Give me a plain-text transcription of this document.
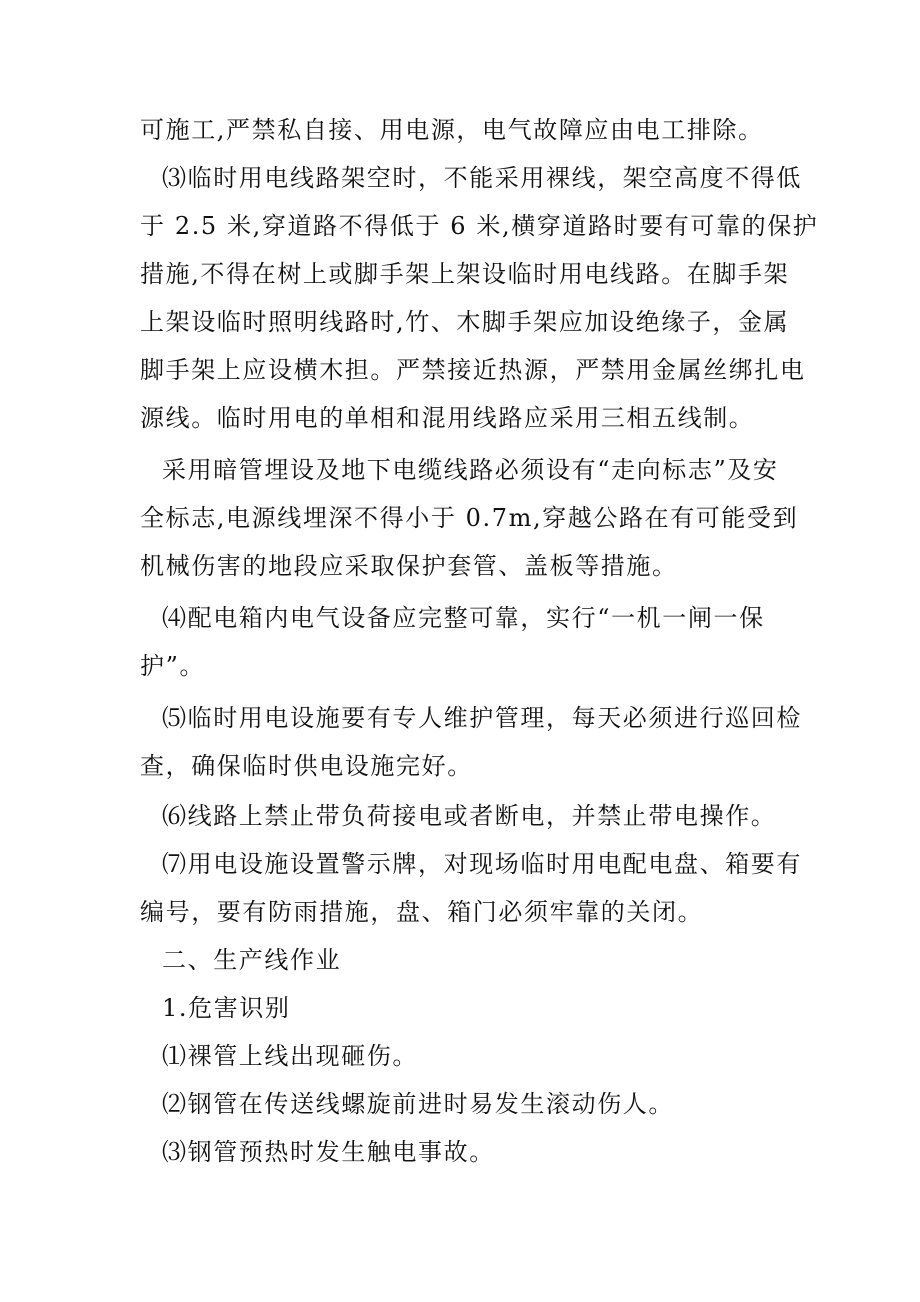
可施工,严禁私自接、用电源，电气故障应由电工排除。
⑶临时用电线路架空时，不能采用裸线，架空高度不得低
于 2.5 米,穿道路不得低于 6 米,横穿道路时要有可靠的保护
措施,不得在树上或脚手架上架设临时用电线路。在脚手架
上架设临时照明线路时,竹、木脚手架应加设绝缘子，金属
脚手架上应设横木担。严禁接近热源，严禁用金属丝绑扎电
源线。临时用电的单相和混用线路应采用三相五线制。
采用暗管埋设及地下电缆线路必须设有“走向标志”及安
全标志,电源线埋深不得小于 0.7m,穿越公路在有可能受到
机械伤害的地段应采取保护套管、盖板等措施。
⑷配电箱内电气设备应完整可靠，实行“一机一闸一保
护”。
⑸临时用电设施要有专人维护管理，每天必须进行巡回检
查，确保临时供电设施完好。
⑹线路上禁止带负荷接电或者断电，并禁止带电操作。
⑺用电设施设置警示牌，对现场临时用电配电盘、箱要有
编号，要有防雨措施，盘、箱门必须牢靠的关闭。
二、生产线作业
1.危害识别
⑴裸管上线出现砸伤。
⑵钢管在传送线螺旋前进时易发生滚动伤人。
⑶钢管预热时发生触电事故。
